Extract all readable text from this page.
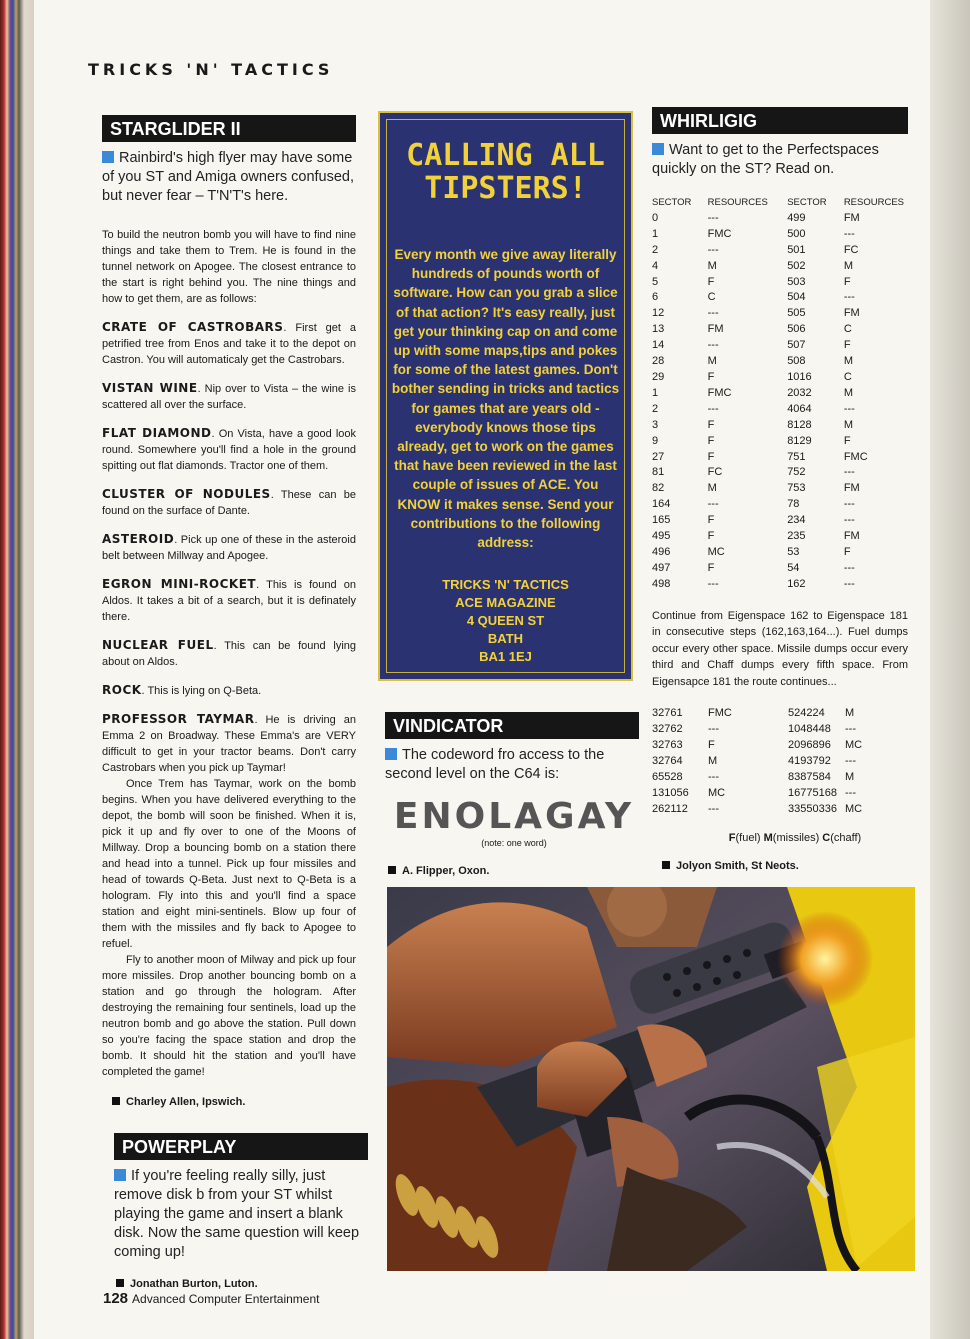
TRICKS 'N' TACTICS
STARGLIDER II

Rainbird's high flyer may have some of you ST and Amiga owners confused, but never fear – T'N'T's here.

To build the neutron bomb you will have to find nine things and take them to Trem. He is found in the tunnel network on Apogee. The closest entrance to the start is right behind you. The nine things and how to get them, are as follows:

CRATE OF CASTROBARS. First get a petrified tree from Enos and take it to the depot on Castron. You will automaticaly get the Castrobars.

VISTAN WINE. Nip over to Vista – the wine is scattered all over the surface.

FLAT DIAMOND. On Vista, have a good look round. Somewhere you'll find a hole in the ground spitting out flat diamonds. Tractor one of them.

CLUSTER OF NODULES. These can be found on the surface of Dante.

ASTEROID. Pick up one of these in the asteroid belt between Millway and Apogee.

EGRON MINI-ROCKET. This is found on Aldos. It takes a bit of a search, but it is definately there.

NUCLEAR FUEL. This can be found lying about on Aldos.

ROCK. This is lying on Q-Beta.

PROFESSOR TAYMAR. He is driving an Emma 2 on Broadway. These Emma's are VERY difficult to get in your tractor beams. Don't carry Castrobars when you pick up Taymar!

Once Trem has Taymar, work on the bomb begins. When you have delivered everything to the depot, the bomb will soon be finished. When it is, pick it up and fly over to one of the Moons of Millway. Drop a bouncing bomb on a station there and head into a tunnel. Pick up four missiles and head of towards Q-Beta. Just next to Q-Beta is a hologram. Fly into this and you'll find a space station and eight mini-sentinels. Blow up four of them with the missiles and fly back to Apogee to refuel.

Fly to another moon of Milway and pick up four more missiles. Drop another bouncing bomb on a station and go through the hologram. After destroying the remaining four sentinels, load up the neutron bomb and go above the station. Pull down so you're facing the space station and drop the bomb. It should hit the station and you'll have completed the game!

Charley Allen, Ipswich.

POWERPLAY

If you're feeling really silly, just remove disk b from your ST whilst playing the game and insert a blank disk. Now the same question will keep coming up!

Jonathan Burton, Luton.

CALLING ALL
TIPSTERS!
Every month we give away literally hundreds of pounds worth of software. How can you grab a slice of that action? It's easy really, just get your thinking cap on and come up with some maps,tips and pokes for some of the latest games. Don't bother sending in tricks and tactics for games that are years old - everybody knows those tips already, get to work on the games that have been reviewed in the last couple of issues of ACE. You KNOW it makes sense. Send your contributions to the following address:
TRICKS 'N' TACTICS
ACE MAGAZINE
4 QUEEN ST
BATH
BA1 1EJ
VINDICATOR

The codeword fro access to the second level on the C64 is:

ENOLAGAY
(note: one word)
A. Flipper, Oxon.
WHIRLIGIG

Want to get to the Perfectspaces quickly on the ST? Read on.

SECTOR	RESOURCES	SECTOR	RESOURCES
0	---	499	FM
1	FMC	500	---
2	---	501	FC
4	M	502	M
5	F	503	F
6	C	504	---
12	---	505	FM
13	FM	506	C
14	---	507	F
28	M	508	M
29	F	1016	C
1	FMC	2032	M
2	---	4064	---
3	F	8128	M
9	F	8129	F
27	F	751	FMC
81	FC	752	---
82	M	753	FM
164	---	78	---
165	F	234	---
495	F	235	FM
496	MC	53	F
497	F	54	---
498	---	162	---

Continue from Eigenspace 162 to Eigenspace 181 in consecutive steps (162,163,164...). Fuel dumps occur every other space. Missile dumps occur every third and Chaff dumps every fifth space. From Eigensapce 181 the route continues...

32761	FMC	524224	M
32762	---	1048448	---
32763	F	2096896	MC
32764	M	4193792	---
65528	---	8387584	M
131056	MC	16775168	---
262112	---	33550336	MC
F(fuel) M(missiles) C(chaff)
Jolyon Smith, St Neots.
128 Advanced Computer Entertainment
